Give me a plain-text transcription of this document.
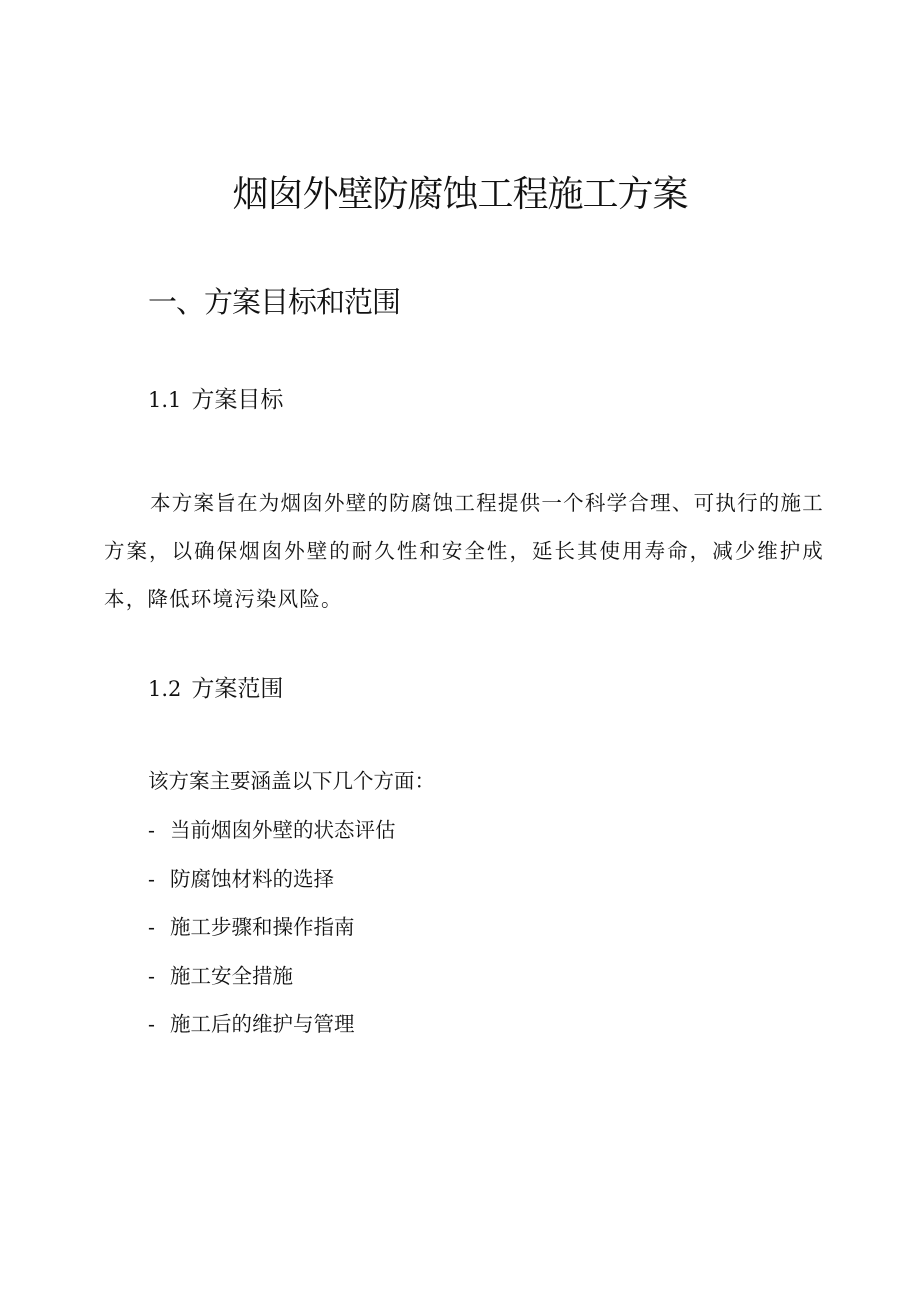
烟囱外壁防腐蚀工程施工方案
一、方案目标和范围
1.1 方案目标

本方案旨在为烟囱外壁的防腐蚀工程提供一个科学合理、可执行的施工方案，以确保烟囱外壁的耐久性和安全性，延长其使用寿命，减少维护成本，降低环境污染风险。

1.2 方案范围

该方案主要涵盖以下几个方面：

- 当前烟囱外壁的状态评估
- 防腐蚀材料的选择
- 施工步骤和操作指南
- 施工安全措施
- 施工后的维护与管理
